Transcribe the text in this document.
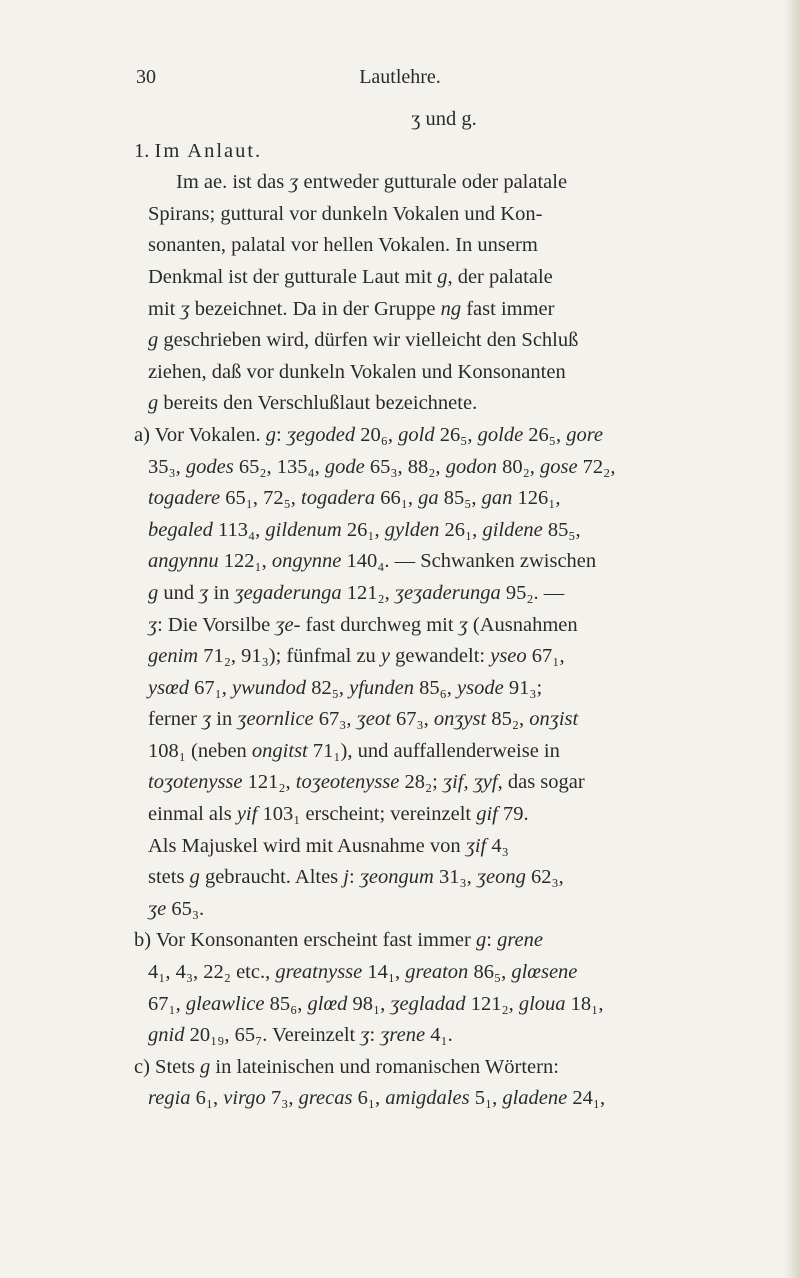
30	Lautlehre.
ʒ und g.
1. Im Anlaut.
Im ae. ist das ʒ entweder gutturale oder palatale
Spirans; guttural vor dunkeln Vokalen und Kon-
sonanten, palatal vor hellen Vokalen. In unserm
Denkmal ist der gutturale Laut mit g, der palatale
mit ʒ bezeichnet. Da in der Gruppe ng fast immer
g geschrieben wird, dürfen wir vielleicht den Schluß
ziehen, daß vor dunkeln Vokalen und Konsonanten
g bereits den Verschlußlaut bezeichnete.
a) Vor Vokalen. g: ʒegoded 20₆, gold 26₅, golde 26₅, gore
35₃, godes 65₂, 135₄, gode 65₃, 88₂, godon 80₂, gose 72₂,
togadere 65₁, 72₅, togadera 66₁, ga 85₅, gan 126₁,
begaled 113₄, gildenum 26₁, gylden 26₁, gildene 85₅,
angynnu 122₁, ongynne 140₄. — Schwanken zwischen
g und ʒ in ʒegaderunga 121₂, ʒeʒaderunga 95₂. —
ʒ: Die Vorsilbe ʒe- fast durchweg mit ʒ (Ausnahmen
genim 71₂, 91₃); fünfmal zu y gewandelt: yseo 67₁,
ysœd 67₁, ywundod 82₅, yfunden 85₆, ysode 91₃;
ferner ʒ in ʒeornlice 67₃, ʒeot 67₃, onʒyst 85₂, onʒist
108₁ (neben ongitst 71₁), und auffallenderweise in
toʒotenysse 121₂, toʒeotenysse 28₂; ʒif, ʒyf, das sogar
einmal als yif 103₁ erscheint; vereinzelt gif 79.
Als Majuskel wird mit Ausnahme von ʒif 4₃
stets g gebraucht. Altes j: ʒeongum 31₃, ʒeong 62₃,
ʒe 65₃.
b) Vor Konsonanten erscheint fast immer g: grene
4₁, 4₃, 22₂ etc., greatnysse 14₁, greaton 86₅, glœsene
67₁, gleawlice 85₆, glœd 98₁, ʒegladad 121₂, gloua 18₁,
gnid 20₁₉, 65₇. Vereinzelt ʒ: ʒrene 4₁.
c) Stets g in lateinischen und romanischen Wörtern:
regia 6₁, virgo 7₃, grecas 6₁, amigdales 5₁, gladene 24₁,
